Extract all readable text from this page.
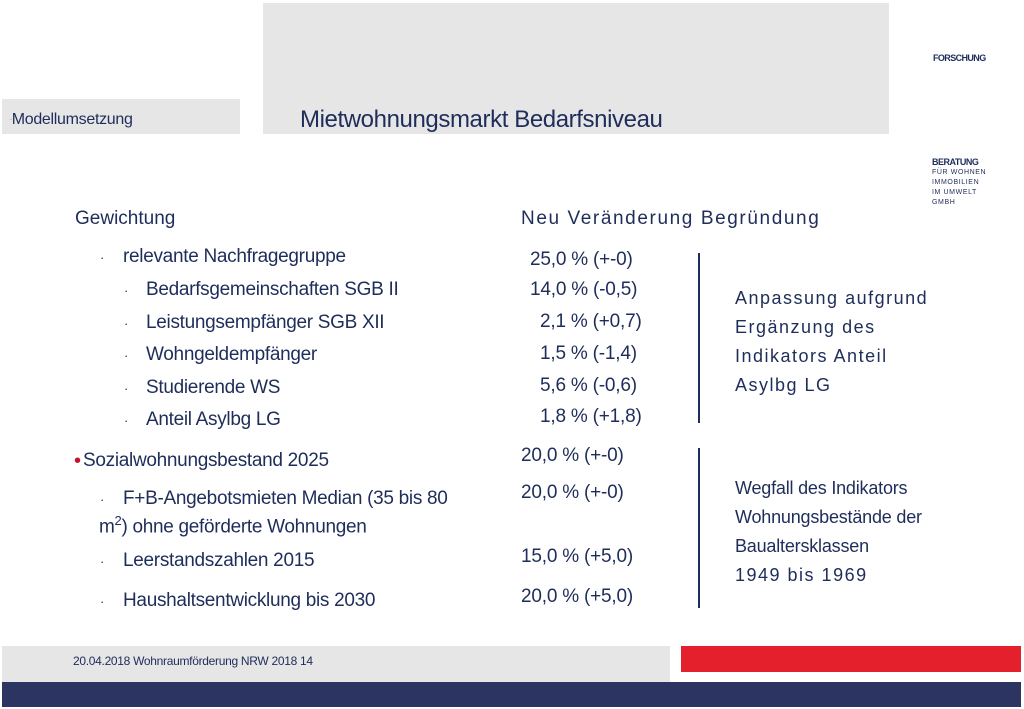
·Modellumsetzung	Mietwohnungsmarkt Bedarfsniveau
FORSCHUNG
BERATUNG
FÜR WOHNEN
IMMOBILIEN
IM UMWELT
GMBH
Gewichtung	Neu Veränderung Begründung
· relevante Nachfragegruppe
· Bedarfsgemeinschaften SGB II
· Leistungsempfänger SGB XII
· Wohngeldempfänger
· Studierende WS
· Anteil Asylbg LG
• Sozialwohnungsbestand 2025
· F+B-Angebotsmieten Median (35 bis 80
$m^2$) ohne geförderte Wohnungen
· Leerstandszahlen 2015
· Haushaltsentwicklung bis 2030
25,0 % (+-0)
14,0 % (-0,5)
2,1 % (+0,7)
1,5 % (-1,4)
5,6 % (-0,6)
1,8 % (+1,8)
20,0 % (+-0)
20,0 % (+-0)
15,0 % (+5,0)
20,0 % (+5,0)
Anpassung aufgrund
Ergänzung des
Indikators Anteil
Asylbg LG
Wegfall des Indikators
Wohnungsbestände der
Baualtersklassen
1949 bis 1969
20.04.2018 Wohnraumförderung NRW 2018 14
